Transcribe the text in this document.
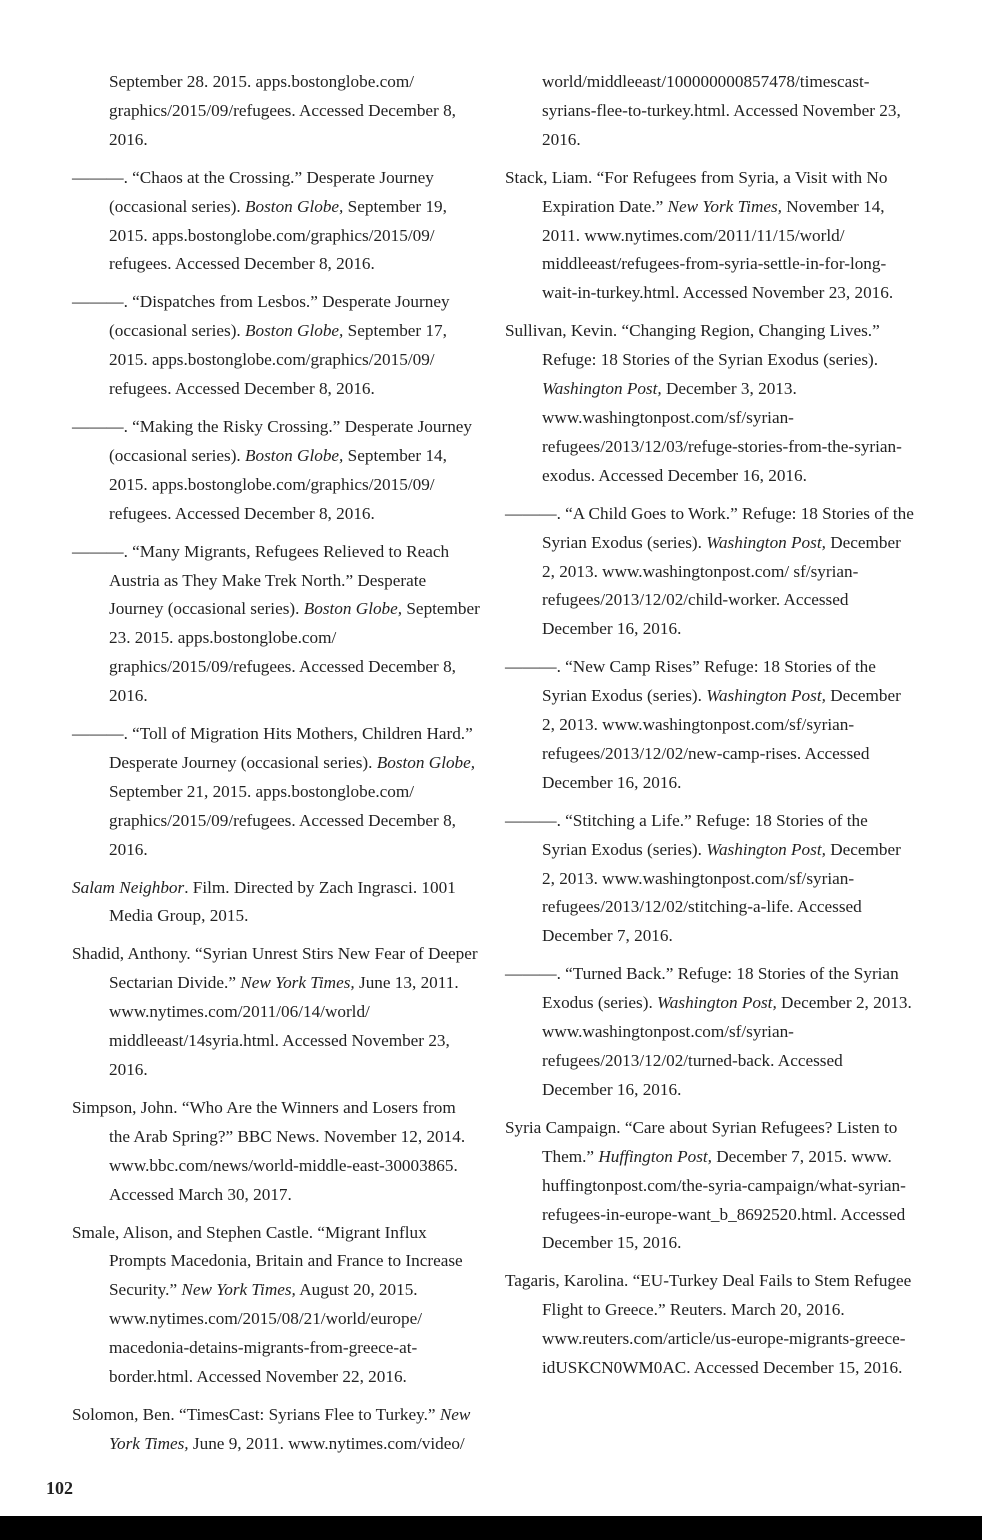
September 28. 2015. apps.bostonglobe.com/ graphics/2015/09/refugees. Accessed December 8, 2016.

———. “Chaos at the Crossing.” Desperate Journey (occasional series). Boston Globe, September 19, 2015. apps.bostonglobe.com/graphics/2015/09/ refugees. Accessed December 8, 2016.

———. “Dispatches from Lesbos.” Desperate Journey (occasional series). Boston Globe, September 17, 2015. apps.bostonglobe.com/graphics/2015/09/ refugees. Accessed December 8, 2016.

———. “Making the Risky Crossing.” Desperate Journey (occasional series). Boston Globe, September 14, 2015. apps.bostonglobe.com/graphics/2015/09/ refugees. Accessed December 8, 2016.

———. “Many Migrants, Refugees Relieved to Reach Austria as They Make Trek North.” Desperate Journey (occasional series). Boston Globe, September 23. 2015. apps.bostonglobe.com/ graphics/2015/09/refugees. Accessed December 8, 2016.

———. “Toll of Migration Hits Mothers, Children Hard.” Desperate Journey (occasional series). Boston Globe, September 21, 2015. apps.bostonglobe.com/ graphics/2015/09/refugees. Accessed December 8, 2016.

Salam Neighbor. Film. Directed by Zach Ingrasci. 1001 Media Group, 2015.

Shadid, Anthony. “Syrian Unrest Stirs New Fear of Deeper Sectarian Divide.” New York Times, June 13, 2011. www.nytimes.com/2011/06/14/world/ middleeast/14syria.html. Accessed November 23, 2016.

Simpson, John. “Who Are the Winners and Losers from the Arab Spring?” BBC News. November 12, 2014. www.bbc.com/news/world-middle-east-30003865. Accessed March 30, 2017.

Smale, Alison, and Stephen Castle. “Migrant Influx Prompts Macedonia, Britain and France to Increase Security.” New York Times, August 20, 2015. www.nytimes.com/2015/08/21/world/europe/ macedonia-detains-migrants-from-greece-at-border.html. Accessed November 22, 2016.

Solomon, Ben. “TimesCast: Syrians Flee to Turkey.” New York Times, June 9, 2011. www.nytimes.com/video/

world/middleeast/100000000857478/timescast-syrians-flee-to-turkey.html. Accessed November 23, 2016.

Stack, Liam. “For Refugees from Syria, a Visit with No Expiration Date.” New York Times, November 14, 2011. www.nytimes.com/2011/11/15/world/ middleeast/refugees-from-syria-settle-in-for-long-wait-in-turkey.html. Accessed November 23, 2016.

Sullivan, Kevin. “Changing Region, Changing Lives.” Refuge: 18 Stories of the Syrian Exodus (series). Washington Post, December 3, 2013. www.washingtonpost.com/sf/syrian-refugees/2013/12/03/refuge-stories-from-the-syrian-exodus. Accessed December 16, 2016.

———. “A Child Goes to Work.” Refuge: 18 Stories of the Syrian Exodus (series). Washington Post, December 2, 2013. www.washingtonpost.com/ sf/syrian-refugees/2013/12/02/child-worker. Accessed December 16, 2016.

———. “New Camp Rises” Refuge: 18 Stories of the Syrian Exodus (series). Washington Post, December 2, 2013. www.washingtonpost.com/sf/syrian-refugees/2013/12/02/new-camp-rises. Accessed December 16, 2016.

———. “Stitching a Life.” Refuge: 18 Stories of the Syrian Exodus (series). Washington Post, December 2, 2013. www.washingtonpost.com/sf/syrian-refugees/2013/12/02/stitching-a-life. Accessed December 7, 2016.

———. “Turned Back.” Refuge: 18 Stories of the Syrian Exodus (series). Washington Post, December 2, 2013. www.washingtonpost.com/sf/syrian-refugees/2013/12/02/turned-back. Accessed December 16, 2016.

Syria Campaign. “Care about Syrian Refugees? Listen to Them.” Huffington Post, December 7, 2015. www. huffingtonpost.com/the-syria-campaign/what-syrian-refugees-in-europe-want_b_8692520.html. Accessed December 15, 2016.

Tagaris, Karolina. “EU-Turkey Deal Fails to Stem Refugee Flight to Greece.” Reuters. March 20, 2016. www.reuters.com/article/us-europe-migrants-greece-idUSKCN0WM0AC. Accessed December 15, 2016.

102
